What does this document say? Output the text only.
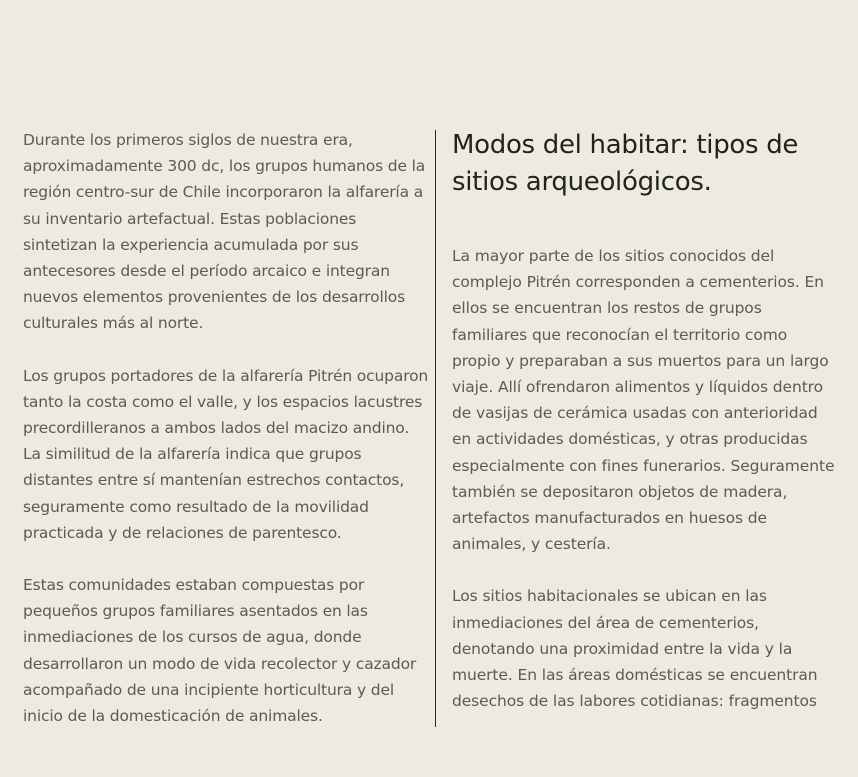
Durante los primeros siglos de nuestra era, aproximadamente 300 dc, los grupos humanos de la región centro-sur de Chile incorporaron la alfarería a su inventario artefactual. Estas poblaciones sintetizan la experiencia acumulada por sus antecesores desde el período arcaico e integran nuevos elementos provenientes de los desarrollos culturales más al norte.

Los grupos portadores de la alfarería Pitrén ocuparon tanto la costa como el valle, y los espacios lacustres precordilleranos a ambos lados del macizo andino. La similitud de la alfarería indica que grupos distantes entre sí mantenían estrechos contactos, seguramente como resultado de la movilidad practicada y de relaciones de parentesco.

Estas comunidades estaban compuestas por pequeños grupos familiares asentados en las inmediaciones de los cursos de agua, donde desarrollaron un modo de vida recolector y cazador acompañado de una incipiente horticultura y del inicio de la domesticación de animales.

Modos del habitar: tipos de sitios arqueológicos.

La mayor parte de los sitios conocidos del complejo Pitrén corresponden a cementerios. En ellos se encuentran los restos de grupos familiares que reconocían el territorio como propio y preparaban a sus muertos para un largo viaje. Allí ofrendaron alimentos y líquidos dentro de vasijas de cerámica usadas con anterioridad en actividades domésticas, y otras producidas especialmente con fines funerarios. Seguramente también se depositaron objetos de madera, artefactos manufacturados en huesos de animales, y cestería.

Los sitios habitacionales se ubican en las inmediaciones del área de cementerios, denotando una proximidad entre la vida y la muerte. En las áreas domésticas se encuentran desechos de las labores cotidianas: fragmentos
